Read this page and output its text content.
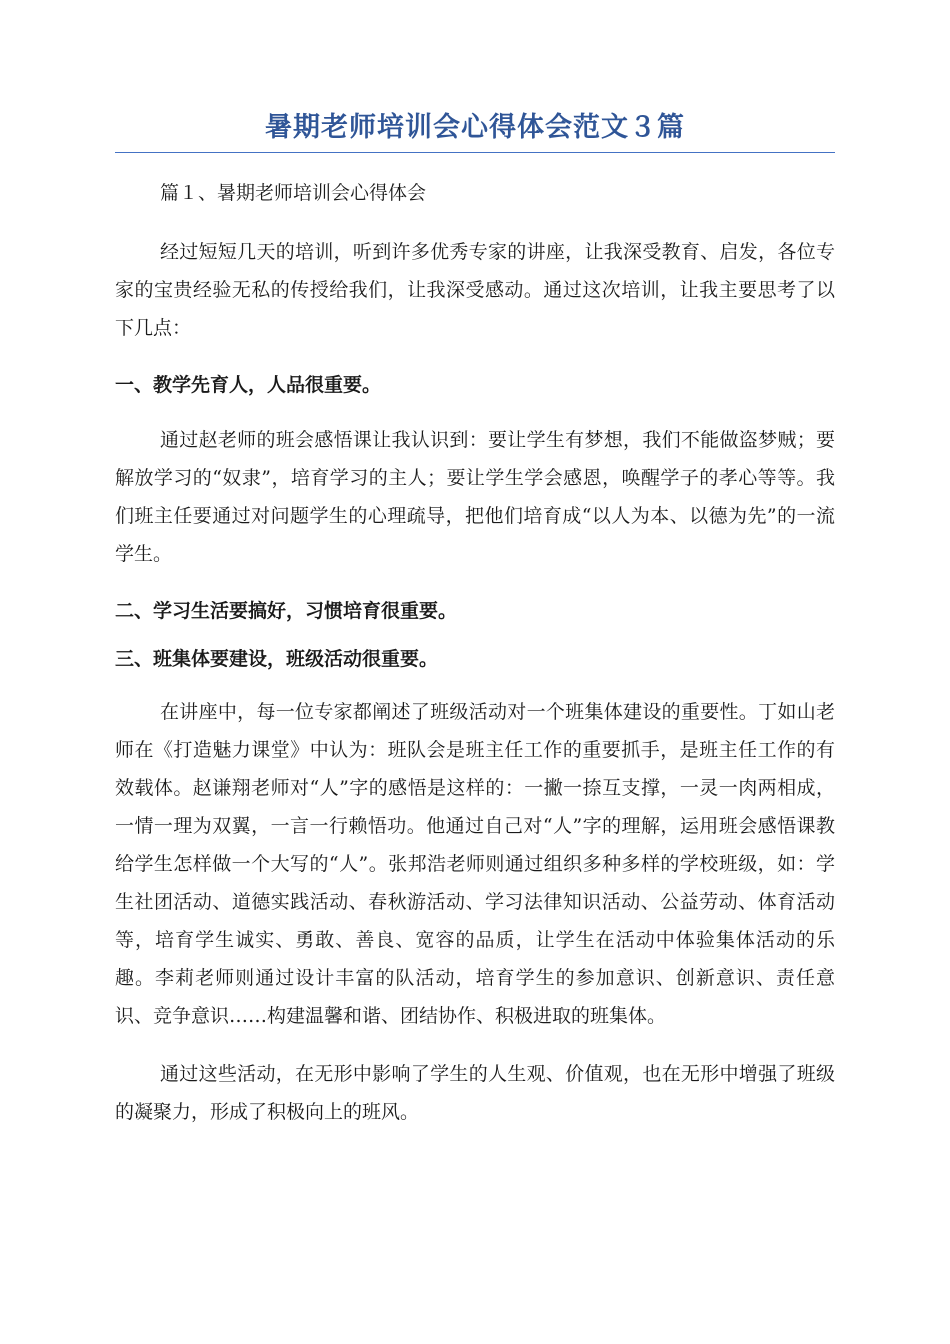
暑期老师培训会心得体会范文３篇

篇１、暑期老师培训会心得体会

经过短短几天的培训，听到许多优秀专家的讲座，让我深受教育、启发，各位专家的宝贵经验无私的传授给我们，让我深受感动。通过这次培训，让我主要思考了以下几点：

一、教学先育人，人品很重要。

通过赵老师的班会感悟课让我认识到：要让学生有梦想，我们不能做盗梦贼；要解放学习的“奴隶”，培育学习的主人；要让学生学会感恩，唤醒学子的孝心等等。我们班主任要通过对问题学生的心理疏导，把他们培育成“以人为本、以德为先”的一流学生。

二、学习生活要搞好，习惯培育很重要。

三、班集体要建设，班级活动很重要。

在讲座中，每一位专家都阐述了班级活动对一个班集体建设的重要性。丁如山老师在《打造魅力课堂》中认为：班队会是班主任工作的重要抓手，是班主任工作的有效载体。赵谦翔老师对“人”字的感悟是这样的：一撇一捺互支撑，一灵一肉两相成，一情一理为双翼，一言一行赖悟功。他通过自己对“人”字的理解，运用班会感悟课教给学生怎样做一个大写的“人”。张邦浩老师则通过组织多种多样的学校班级，如：学生社团活动、道德实践活动、春秋游活动、学习法律知识活动、公益劳动、体育活动等，培育学生诚实、勇敢、善良、宽容的品质，让学生在活动中体验集体活动的乐趣。李莉老师则通过设计丰富的队活动，培育学生的参加意识、创新意识、责任意识、竞争意识……构建温馨和谐、团结协作、积极进取的班集体。

通过这些活动，在无形中影响了学生的人生观、价值观，也在无形中增强了班级的凝聚力，形成了积极向上的班风。
